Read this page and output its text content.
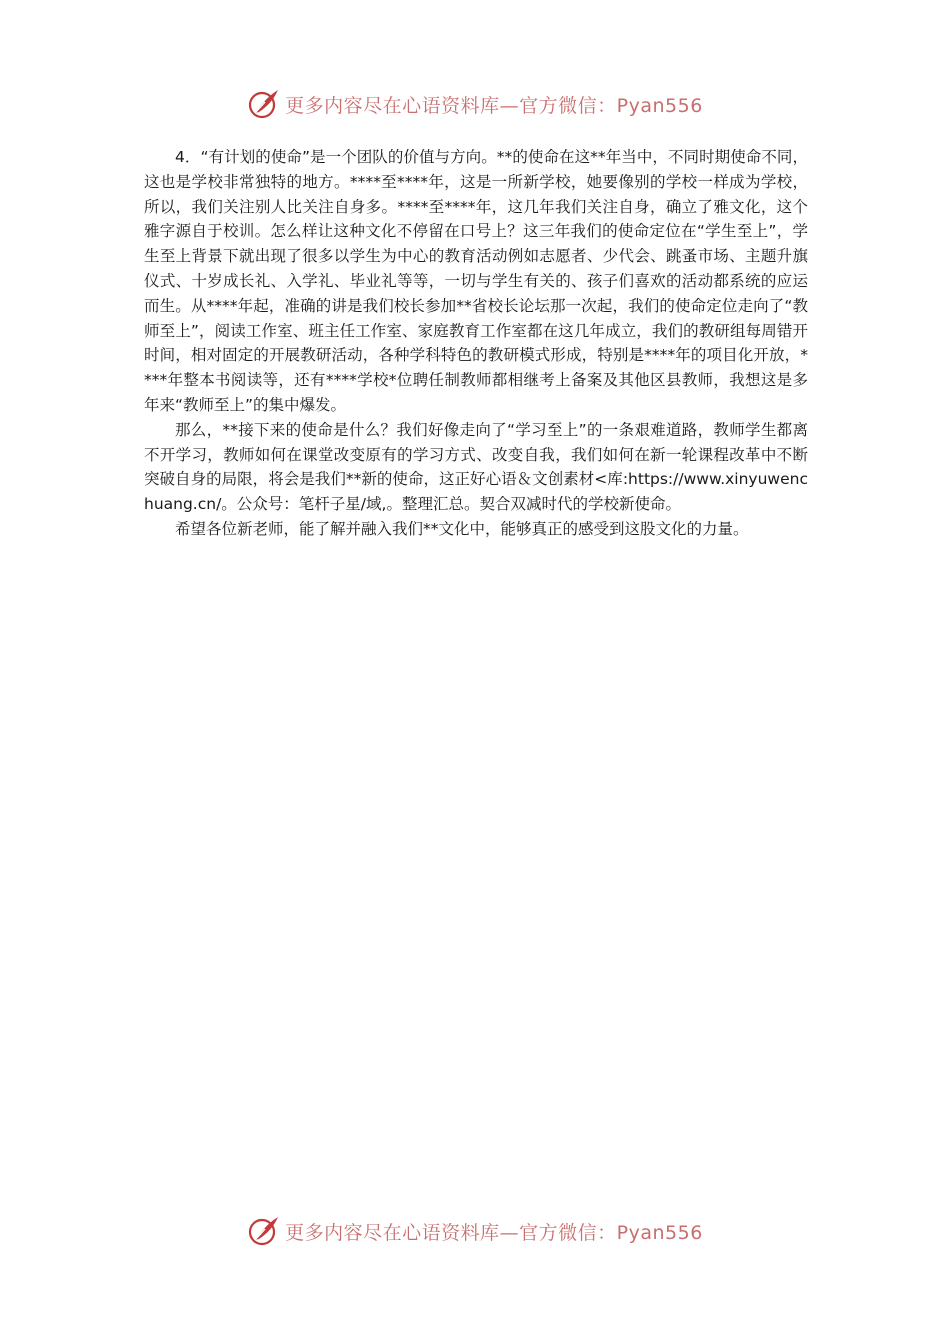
更多内容尽在心语资料库—官方微信：Pyan556

4．“有计划的使命”是一个团队的价值与方向。**的使命在这**年当中，不同时期使命不同，这也是学校非常独特的地方。****至****年，这是一所新学校，她要像别的学校一样成为学校，所以，我们关注别人比关注自身多。****至****年，这几年我们关注自身，确立了雅文化，这个雅字源自于校训。怎么样让这种文化不停留在口号上？这三年我们的使命定位在“学生至上”，学生至上背景下就出现了很多以学生为中心的教育活动例如志愿者、少代会、跳蚤市场、主题升旗仪式、十岁成长礼、入学礼、毕业礼等等，一切与学生有关的、孩子们喜欢的活动都系统的应运而生。从****年起，准确的讲是我们校长参加**省校长论坛那一次起，我们的使命定位走向了“教师至上”，阅读工作室、班主任工作室、家庭教育工作室都在这几年成立，我们的教研组每周错开时间，相对固定的开展教研活动，各种学科特色的教研模式形成，特别是****年的项目化开放，****年整本书阅读等，还有****学校*位聘任制教师都相继考上备案及其他区县教师，我想这是多年来“教师至上”的集中爆发。

那么，**接下来的使命是什么？我们好像走向了“学习至上”的一条艰难道路，教师学生都离不开学习，教师如何在课堂改变原有的学习方式、改变自我，我们如何在新一轮课程改革中不断突破自身的局限，将会是我们**新的使命，这正好心语＆文创素材<库:https://www.xinyuwenchuang.cn/。公众号：笔杆子星/域,。整理汇总。契合双减时代的学校新使命。

希望各位新老师，能了解并融入我们**文化中，能够真正的感受到这股文化的力量。

更多内容尽在心语资料库—官方微信：Pyan556
